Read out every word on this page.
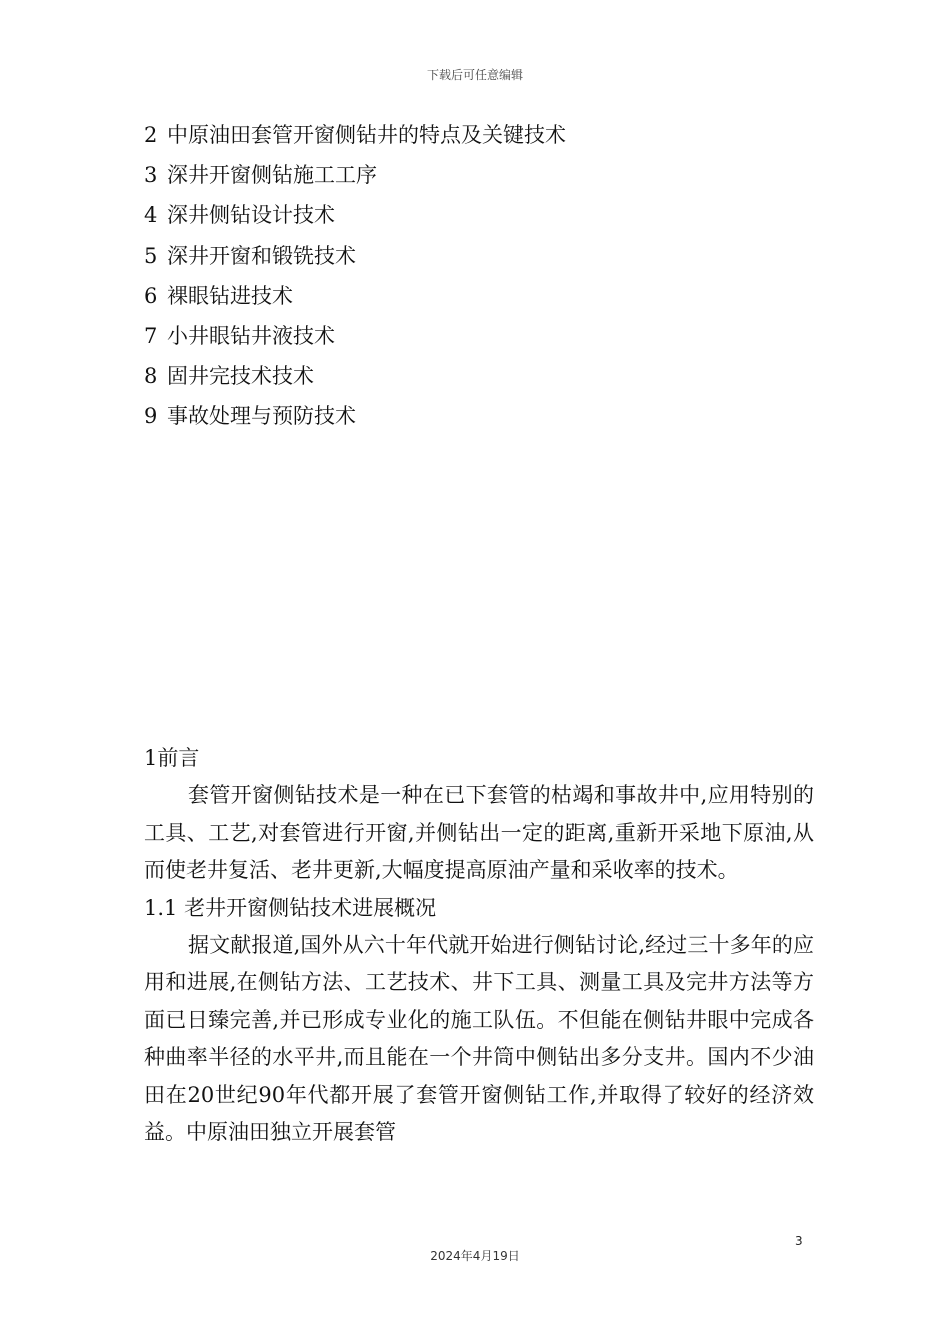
下载后可任意编辑
2 中原油田套管开窗侧钻井的特点及关键技术
3 深井开窗侧钻施工工序
4 深井侧钻设计技术
5 深井开窗和锻铣技术
6 裸眼钻进技术
7 小井眼钻井液技术
8 固井完技术技术
9 事故处理与预防技术
1前言

套管开窗侧钻技术是一种在已下套管的枯竭和事故井中,应用特别的工具、工艺,对套管进行开窗,并侧钻出一定的距离,重新开采地下原油,从而使老井复活、老井更新,大幅度提高原油产量和采收率的技术。

1.1 老井开窗侧钻技术进展概况

据文献报道,国外从六十年代就开始进行侧钻讨论,经过三十多年的应用和进展,在侧钻方法、工艺技术、井下工具、测量工具及完井方法等方面已日臻完善,并已形成专业化的施工队伍。不但能在侧钻井眼中完成各种曲率半径的水平井,而且能在一个井筒中侧钻出多分支井。国内不少油田在20世纪90年代都开展了套管开窗侧钻工作,并取得了较好的经济效益。中原油田独立开展套管

3
2024年4月19日
